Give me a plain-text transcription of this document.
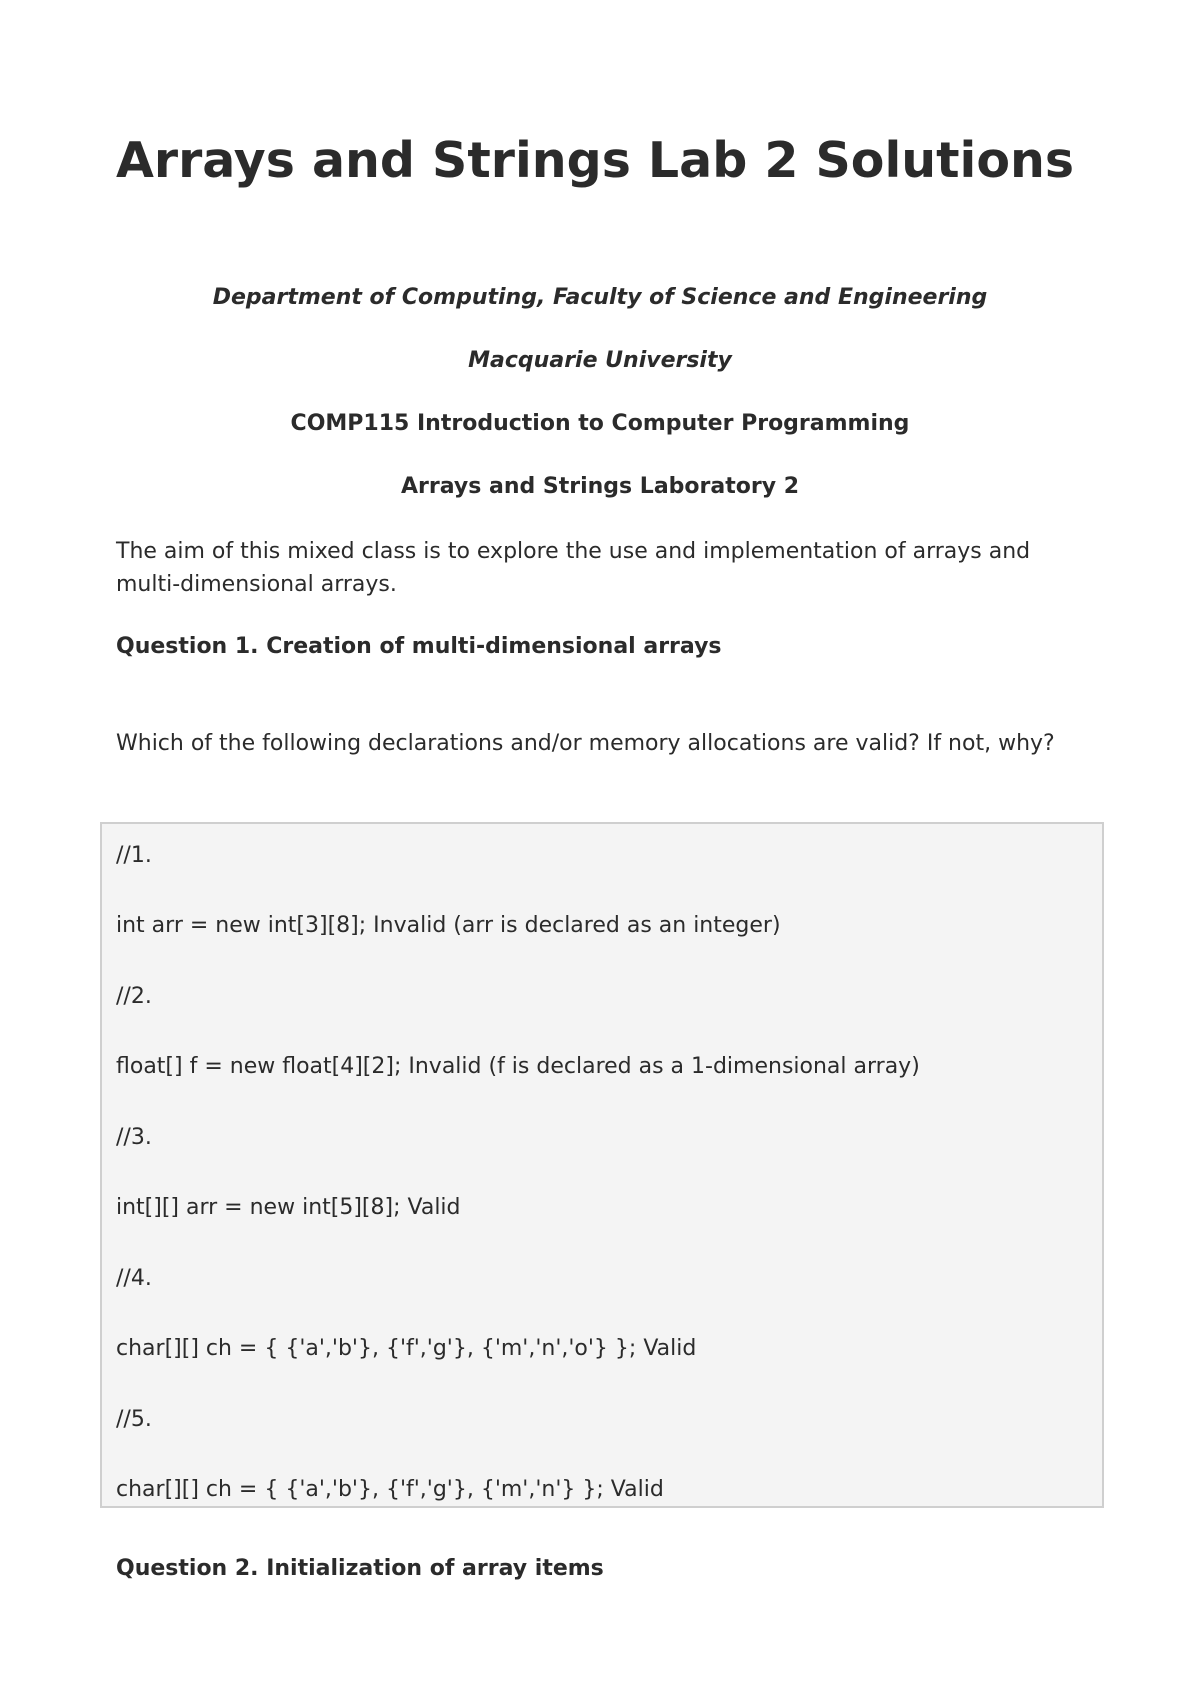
Arrays and Strings Lab 2 Solutions

Department of Computing, Faculty of Science and Engineering

Macquarie University

COMP115 Introduction to Computer Programming

Arrays and Strings Laboratory 2

The aim of this mixed class is to explore the use and implementation of arrays and multi-dimensional arrays.

Question 1. Creation of multi-dimensional arrays

Which of the following declarations and/or memory allocations are valid? If not, why?

//1.

int arr = new int[3][8]; Invalid (arr is declared as an integer)

//2.

float[] f = new float[4][2]; Invalid (f is declared as a 1-dimensional array)

//3.

int[][] arr = new int[5][8]; Valid

//4.

char[][] ch = { {'a','b'}, {'f','g'}, {'m','n','o'} }; Valid

//5.

char[][] ch = { {'a','b'}, {'f','g'}, {'m','n'} }; Valid

Question 2. Initialization of array items
